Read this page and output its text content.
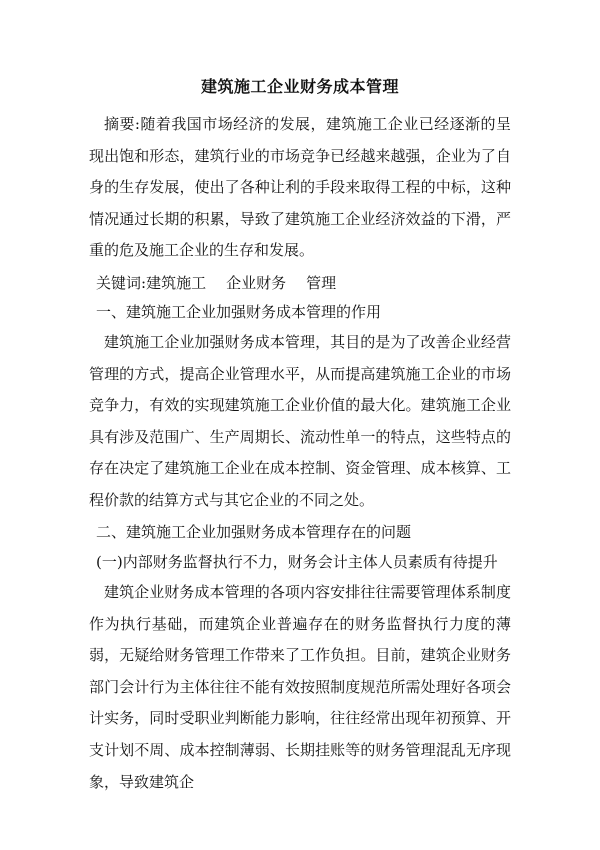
建筑施工企业财务成本管理

摘要:随着我国市场经济的发展，建筑施工企业已经逐渐的呈现出饱和形态，建筑行业的市场竞争已经越来越强，企业为了自身的生存发展，使出了各种让利的手段来取得工程的中标，这种情况通过长期的积累，导致了建筑施工企业经济效益的下滑，严重的危及施工企业的生存和发展。

关键词:建筑施工 企业财务 管理

一、建筑施工企业加强财务成本管理的作用

建筑施工企业加强财务成本管理，其目的是为了改善企业经营管理的方式，提高企业管理水平，从而提高建筑施工企业的市场竞争力，有效的实现建筑施工企业价值的最大化。建筑施工企业具有涉及范围广、生产周期长、流动性单一的特点，这些特点的存在决定了建筑施工企业在成本控制、资金管理、成本核算、工程价款的结算方式与其它企业的不同之处。

二、建筑施工企业加强财务成本管理存在的问题

(一)内部财务监督执行不力，财务会计主体人员素质有待提升

建筑企业财务成本管理的各项内容安排往往需要管理体系制度作为执行基础，而建筑企业普遍存在的财务监督执行力度的薄弱，无疑给财务管理工作带来了工作负担。目前，建筑企业财务部门会计行为主体往往不能有效按照制度规范所需处理好各项会计实务，同时受职业判断能力影响，往往经常出现年初预算、开支计划不周、成本控制薄弱、长期挂账等的财务管理混乱无序现象，导致建筑企
